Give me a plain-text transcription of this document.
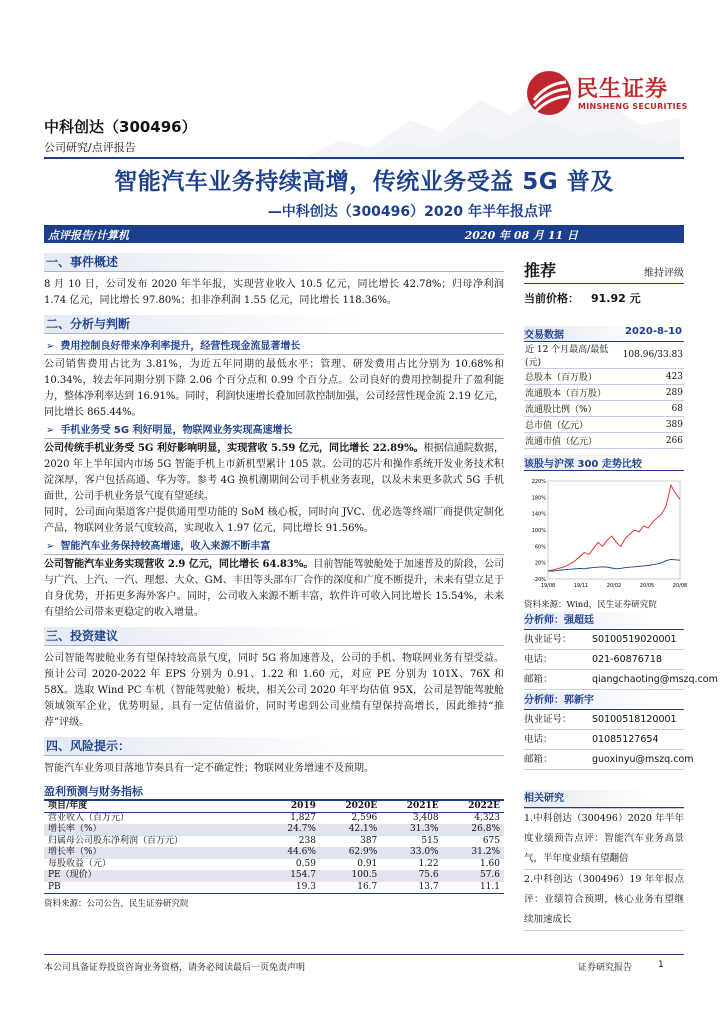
民生证券
MINSHENG SECURITIES
中科创达（300496）
公司研究/点评报告
智能汽车业务持续高增，传统业务受益 5G 普及
—中科创达（300496）2020 年半年报点评
点评报告/计算机	2020 年 08 月 11 日
一、事件概述

8 月 10 日，公司发布 2020 年半年报，实现营业收入 10.5 亿元，同比增长 42.78%；归母净利润 1.74 亿元，同比增长 97.80%；扣非净利润 1.55 亿元，同比增长 118.36%。

二、分析与判断
➢ 费用控制良好带来净利率提升，经营性现金流显著增长

公司销售费用占比为 3.81%，为近五年同期的最低水平；管理、研发费用占比分别为 10.68%和 10.34%，较去年同期分别下降 2.06 个百分点和 0.99 个百分点。公司良好的费用控制提升了盈利能力，整体净利率达到 16.91%。同时，利润快速增长叠加回款控制加强，公司经营性现金流 2.19 亿元，同比增长 865.44%。

➢ 手机业务受 5G 利好明显，物联网业务实现高速增长

公司传统手机业务受 5G 利好影响明显，实现营收 5.59 亿元，同比增长 22.89%。根据信通院数据，2020 年上半年国内市场 5G 智能手机上市新机型累计 105 款。公司的芯片和操作系统开发业务技术积淀深厚，客户包括高通、华为等。参考 4G 换机潮期间公司手机业务表现，以及未来更多款式 5G 手机面世，公司手机业务景气度有望延续。

同时，公司面向渠道客户提供通用型功能的 SoM 核心板，同时向 JVC、优必选等终端厂商提供定制化产品，物联网业务景气度较高，实现收入 1.97 亿元，同比增长 91.56%。

➢ 智能汽车业务保持较高增速，收入来源不断丰富

公司智能汽车业务实现营收 2.9 亿元，同比增长 64.83%。目前智能驾驶舱处于加速普及的阶段，公司与广汽、上汽、一汽、理想、大众、GM、丰田等头部车厂合作的深度和广度不断提升，未来有望立足于自身优势，开拓更多海外客户。同时，公司收入来源不断丰富，软件许可收入同比增长 15.54%，未来有望给公司带来更稳定的收入增量。

三、投资建议

公司智能驾驶舱业务有望保持较高景气度，同时 5G 将加速普及，公司的手机、物联网业务有望受益。预计公司 2020-2022 年 EPS 分别为 0.91、1.22 和 1.60 元，对应 PE 分别为 101X、76X 和 58X。选取 Wind PC 车机（智能驾驶舱）板块，相关公司 2020 年平均估值 95X，公司是智能驾驶舱领域领军企业，优势明显，具有一定估值溢价，同时考虑到公司业绩有望保持高增长，因此维持“推荐”评级。

四、风险提示：

智能汽车业务项目落地节奏具有一定不确定性；物联网业务增速不及预期。

盈利预测与财务指标
项目/年度	2019	2020E	2021E	2022E
营业收入（百万元）	1,827	2,596	3,408	4,323
增长率（%）	24.7%	42.1%	31.3%	26.8%
归属母公司股东净利润（百万元）	238	387	515	675
增长率（%）	44.6%	62.9%	33.0%	31.2%
每股收益（元）	0.59	0.91	1.22	1.60
PE（现价）	154.7	100.5	75.6	57.6
PB	19.3	16.7	13.7	11.1
资料来源：公司公告，民生证券研究院
推荐	维持评级
当前价格： 91.92 元
交易数据	2020-8-10
近 12 个月最高/最低(元)	108.96/33.83
总股本（百万股）	423
流通股本（百万股）	289
流通股比例（%）	68
总市值（亿元）	389
流通市值（亿元）	266
该股与沪深 300 走势比较
220%
180%
140%
100%
60%
20%
-20%
19/08	19/11	20/02	20/05	20/08
资料来源：Wind，民生证券研究院
分析师：强超廷
执业证号： S0100519020001
电话：	021-60876718
邮箱：	qiangchaoting@mszq.com
分析师：郭新宇
执业证号： S0100518120001
电话：	01085127654
邮箱：	guoxinyu@mszq.com
相关研究

1.中科创达（300496）2020 年半年度业绩预告点评：智能汽车业务高景气，半年度业绩有望翻倍

2.中科创达（300496）19 年年报点评：业绩符合预期，核心业务有望继续加速成长

本公司具备证券投资咨询业务资格，请务必阅读最后一页免责声明	证券研究报告	1
